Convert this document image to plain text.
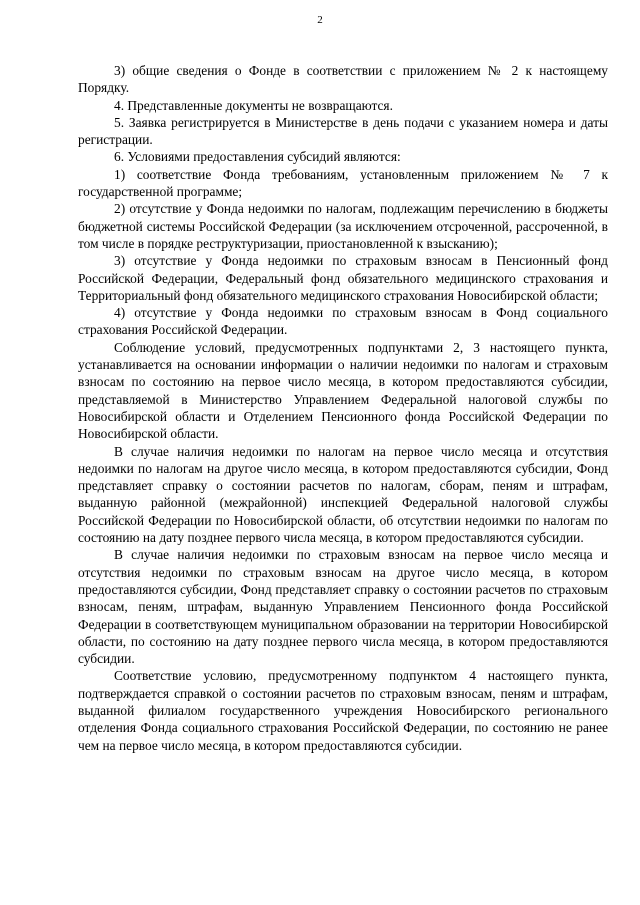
2

3) общие сведения о Фонде в соответствии с приложением № 2 к настоящему Порядку.

4. Представленные документы не возвращаются.

5. Заявка регистрируется в Министерстве в день подачи с указанием номера и даты регистрации.

6. Условиями предоставления субсидий являются:

1) соответствие Фонда требованиям, установленным приложением № 7 к государственной программе;

2) отсутствие у Фонда недоимки по налогам, подлежащим перечислению в бюджеты бюджетной системы Российской Федерации (за исключением отсроченной, рассроченной, в том числе в порядке реструктуризации, приостановленной к взысканию);

3) отсутствие у Фонда недоимки по страховым взносам в Пенсионный фонд Российской Федерации, Федеральный фонд обязательного медицинского страхования и Территориальный фонд обязательного медицинского страхования Новосибирской области;

4) отсутствие у Фонда недоимки по страховым взносам в Фонд социального страхования Российской Федерации.

Соблюдение условий, предусмотренных подпунктами 2, 3 настоящего пункта, устанавливается на основании информации о наличии недоимки по налогам и страховым взносам по состоянию на первое число месяца, в котором предоставляются субсидии, представляемой в Министерство Управлением Федеральной налоговой службы по Новосибирской области и Отделением Пенсионного фонда Российской Федерации по Новосибирской области.

В случае наличия недоимки по налогам на первое число месяца и отсутствия недоимки по налогам на другое число месяца, в котором предоставляются субсидии, Фонд представляет справку о состоянии расчетов по налогам, сборам, пеням и штрафам, выданную районной (межрайонной) инспекцией Федеральной налоговой службы Российской Федерации по Новосибирской области, об отсутствии недоимки по налогам по состоянию на дату позднее первого числа месяца, в котором предоставляются субсидии.

В случае наличия недоимки по страховым взносам на первое число месяца и отсутствия недоимки по страховым взносам на другое число месяца, в котором предоставляются субсидии, Фонд представляет справку о состоянии расчетов по страховым взносам, пеням, штрафам, выданную Управлением Пенсионного фонда Российской Федерации в соответствующем муниципальном образовании на территории Новосибирской области, по состоянию на дату позднее первого числа месяца, в котором предоставляются субсидии.

Соответствие условию, предусмотренному подпунктом 4 настоящего пункта, подтверждается справкой о состоянии расчетов по страховым взносам, пеням и штрафам, выданной филиалом государственного учреждения Новосибирского регионального отделения Фонда социального страхования Российской Федерации, по состоянию не ранее чем на первое число месяца, в котором предоставляются субсидии.
